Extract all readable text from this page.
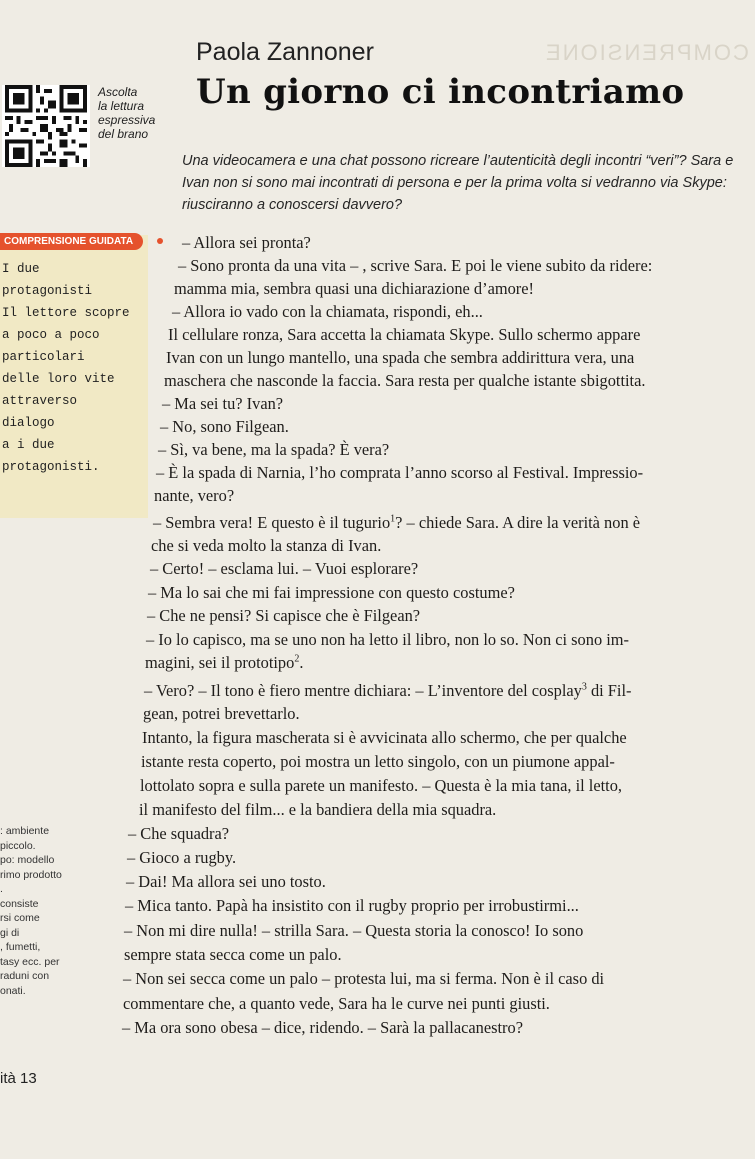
COMPRENSIONE
Paola Zannoner
Un giorno ci incontriamo
Ascolta
la lettura
espressiva
del brano
Una videocamera e una chat possono ricreare l’autenticità degli incontri “veri”? Sara e Ivan non si sono mai incontrati di persona e per la prima volta si vedranno via Skype: riusciranno a conoscersi davvero?
COMPRENSIONE GUIDATA
I due
protagonisti
Il lettore scopre
a poco a poco
particolari
delle loro vite
attraverso
dialogo
a i due
protagonisti.
: ambiente
piccolo.
po: modello
rimo prodotto
.
consiste
rsi come
gi di
, fumetti,
tasy ecc. per
raduni con
onati.
ità 13
– Allora sei pronta?
– Sono pronta da una vita – , scrive Sara. E poi le viene subito da ridere:
mamma mia, sembra quasi una dichiarazione d’amore!
– Allora io vado con la chiamata, rispondi, eh...
Il cellulare ronza, Sara accetta la chiamata Skype. Sullo schermo appare
Ivan con un lungo mantello, una spada che sembra addirittura vera, una
maschera che nasconde la faccia. Sara resta per qualche istante sbigottita.
– Ma sei tu? Ivan?
– No, sono Filgean.
– Sì, va bene, ma la spada? È vera?
– È la spada di Narnia, l’ho comprata l’anno scorso al Festival. Impressio-
nante, vero?
– Sembra vera! E questo è il tugurio$^1$? – chiede Sara. A dire la verità non è
che si veda molto la stanza di Ivan.
– Certo! – esclama lui. – Vuoi esplorare?
– Ma lo sai che mi fai impressione con questo costume?
– Che ne pensi? Si capisce che è Filgean?
– Io lo capisco, ma se uno non ha letto il libro, non lo so. Non ci sono im-
magini, sei il prototipo$^2$.
– Vero? – Il tono è fiero mentre dichiara: – L’inventore del cosplay$^3$ di Fil-
gean, potrei brevettarlo.
Intanto, la figura mascherata si è avvicinata allo schermo, che per qualche
istante resta coperto, poi mostra un letto singolo, con un piumone appal-
lottolato sopra e sulla parete un manifesto. – Questa è la mia tana, il letto,
il manifesto del film... e la bandiera della mia squadra.
– Che squadra?
– Gioco a rugby.
– Dai! Ma allora sei uno tosto.
– Mica tanto. Papà ha insistito con il rugby proprio per irrobustirmi...
– Non mi dire nulla! – strilla Sara. – Questa storia la conosco! Io sono
sempre stata secca come un palo.
– Non sei secca come un palo – protesta lui, ma si ferma. Non è il caso di
commentare che, a quanto vede, Sara ha le curve nei punti giusti.
– Ma ora sono obesa – dice, ridendo. – Sarà la pallacanestro?
